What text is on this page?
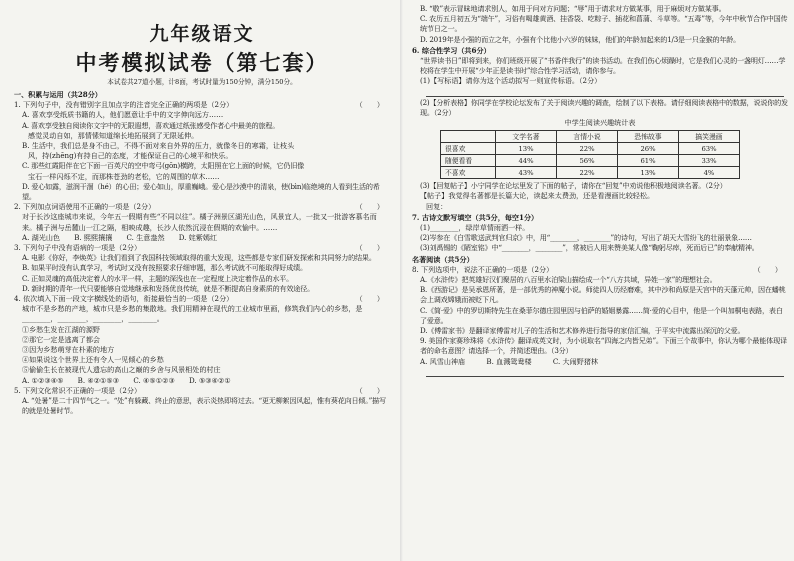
九年级语文
中考模拟试卷（第七套）
本试卷共27道小题，计8面，考试时量为150分钟，满分150分。
一、积累与运用（共28分）
1. 下列句子中，没有错别字且加点字的注音完全正确的两项是（2分）	（　　）
A. 喜欢享受纸质书籍的人，他们愿意让手中的文字伸向远方……
A. 喜欢享受独自阅读你文字中的无限遐想，喜欢通过纸张感受作者心中最美的旅程。
感觉灵动自如，那情愫知道绵长地拓展到了无限延伸。
B. 生活中，我们总是身不由己，不得不面对来自外界的压力，就像冬日的寒霜，让枝头
风，持(zhēng)有持自己的态度，才能保证自己的心境平和快乐。
C. 那些红霞阳伴在它下面一百英尺的空中弯弓(gōn)横跨，太阳照在它上面的时候，它仍旧像
宝石一样闪烁不定，而那株苍劲的老松，它的周围的草木……
D. 爱心如露，滋润干涸（hé）的心田；爱心如山，厚重巍峨。爱心是沙漠中的清泉，使(bìn)临绝境的人看到生活的希望。
2. 下列加点词语使用不正确的一项是（2分）	（　　）
对于长沙这座城市来说，今年五一假期有些“不同以往”。橘子洲景区湖光山色，风景宜人，一批又一批游客慕名而来。橘子洲与岳麓山一江之隔，相映成趣，长沙人依然沉浸在假期的欢愉中。……
A. 湖光山色　　B. 熙熙攘攘　　C. 生意盎然　　D. 姹紫嫣红
3. 下列句子中没有语病的一项是（2分）	（　　）
A. 电影《你好，李焕英》让我们看到了我国科技领域取得的重大发现，这些都是专家们研发探索和共同努力的结果。
B. 如果平时没有认真学习，考试时又没有按照要求仔细审题，那么考试就不可能取得好成绩。
C. 正如灵魂的高低决定着人的水平一样，主题的深浅也在一定程度上决定着作品的水平。
D. 新时期的青年一代只要能够自觉地继承和发扬优良传统，就是不断提高自身素质的有效途径。
4. 依次填入下面一段文字横线处的语句，衔接最恰当的一项是（2分）	（　　）
城市不是乡愁的产地，城市只是乡愁的集散地。我们用精神在现代的工业城市里画，修筑我们内心的乡愁，是________，________，________，________。
①乡愁生发在江湖的源野
②那它一定是逃离了都会
③因为乡愁萌芽在朴素的地方
④如果说这个世界上还有令人一见倾心的乡愁
⑤偷偷生长在被现代人遗忘的高山之巅的乡舍与风景相处的村庄
A. ①②③④⑤　　B. ④②①⑤③　　C. ④⑤①②③　　D. ⑤③④②①
5. 下列文化常识不正确的一项是（2分）	（　　）
A. “处暑”是二十四节气之一。“处”有躲藏、终止的意思，表示炎热即将过去。“更无柳絮因风起，惟有葵花向日倾。”描写的就是处暑时节。
B. “敬”表示冒昧地请求别人，如用于问对方问题；“辱”用于请求对方做某事，用于麻烦对方做某事。
C. 农历五月初五为“端午”，习俗有喝雄黄酒、挂香袋、吃粽子、插花和菖蒲、斗草等。“五毒”等，今年中秋节合作中国传统节日之一。
D. 2019年是小强的而立之年，小强有个比他小六岁的妹妹，他们的年龄加起来的1/3是一只金猴的年龄。
6. 综合性学习（共6分）
“世界读书日”即将到来，你们班级开展了“书香伴我行”的读书活动。在我们伤心烦躁时，它是我们心灵的一盏明灯……学校将在学生中开展“少年正是读书时”综合性学习活动，请你参与。
(1)【写标语】请你为这个活动拟写一则宣传标语。（2分）
(2)【分析表格】你同学在学校论坛发布了关于阅读兴趣的调查，绘制了以下表格。请仔细阅读表格中的数据，说说你的发现。（2分）
中学生阅读兴趣统计表
	文学名著	言情小说	恐怖故事	搞笑漫画
很喜欢	13%	22%	26%	63%
随便看看	44%	56%	61%	33%
不喜欢	43%	22%	13%	4%
(3)【回复帖子】小宁同学在论坛里发了下面的帖子，请你在“回复”中劝说他积极地阅读名著。（2分）
【帖子】我觉得名著都是长篇大论，读起来太费劲，还是看漫画比较轻松。
回复：
7. 古诗文默写填空（共5分，每空1分）
(1)________，绿岸草情雨洒一样。
(2)岑参在《白雪歌送武判官归京》中，用“________，________”的诗句，写出了胡天大雪纷飞的壮丽景象……
(3)刘禹锡的《陋室铭》中“________，________”，常被后人用来赞美某人像“鞠躬尽瘁，死而后已”的奉献精神。
名著阅读（共5分）
8. 下列选项中，说法不正确的一项是（2分）	（　　）
A.《水浒传》把英雄好汉们聚居的八百里水泊梁山描绘成一个“八方共域，异姓一家”的理想社会。
B.《西游记》是吴承恩所著，是一部优秀的神魔小说。师徒四人历经磨难，其中沙和尚原是天宫中的天蓬元帅，因在蟠桃会上调戏嫦娥而被贬下凡。
C.《简·爱》中的罗切斯特先生在桑菲尔德庄园里因与伯萨的婚姻暴露……简·爱的心目中，他是一个叫加桐电表路，表白了爱意。
D.《傅雷家书》是翻译家傅雷对儿子的生活和艺术修养进行指导的家信汇编，于平实中流露出深沉的父爱。
9. 美国作家赛珍珠将《水浒传》翻译成英文时，为小说取名“四海之内皆兄弟”。下面三个故事中，你认为哪个最能体现译者的命名意图？请选择一个，并简述理由。（3分）
A. 风雪山神庙　　　B. 血溅鸳鸯楼　　　C. 大闹野猪林
